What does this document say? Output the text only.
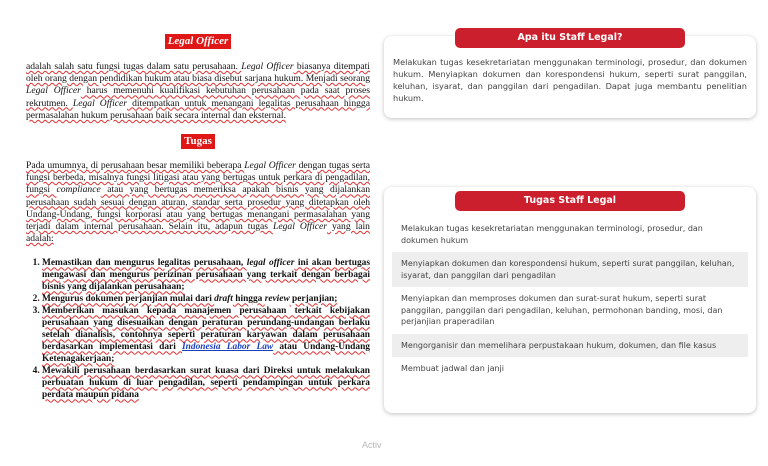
Legal Officer

adalah salah satu fungsi tugas dalam satu perusahaan. Legal Officer biasanya ditempati oleh orang dengan pendidikan hukum atau biasa disebut sarjana hukum. Menjadi seorang Legal Officer harus memenuhi kualifikasi kebutuhan perusahaan pada saat proses rekrutmen. Legal Officer ditempatkan untuk menangani legalitas perusahaan hingga permasalahan hukum perusahaan baik secara internal dan eksternal.

Tugas

Pada umumnya, di perusahaan besar memiliki beberapa Legal Officer dengan tugas serta fungsi berbeda, misalnya fungsi litigasi atau yang bertugas untuk perkara di pengadilan, fungsi compliance atau yang bertugas memeriksa apakah bisnis yang dijalankan perusahaan sudah sesuai dengan aturan, standar serta prosedur yang ditetapkan oleh Undang-Undang, fungsi korporasi atau yang bertugas menangani permasalahan yang terjadi dalam internal perusahaan. Selain itu, adapun tugas Legal Officer yang lain adalah:

1. Memastikan dan mengurus legalitas perusahaan, legal officer ini akan bertugas mengawasi dan mengurus perizinan perusahaan yang terkait dengan berbagai bisnis yang dijalankan perusahaan;
2. Mengurus dokumen perjanjian mulai dari draft hingga review perjanjian;
3. Memberikan masukan kepada manajemen perusahaan terkait kebijakan perusahaan yang disesuaikan dengan peraturan perundang-undangan berlaku setelah dianalisis, contohnya seperti peraturan karyawan dalam perusahaan berdasarkan implementasi dari Indonesia Labor Law atau Undang-Undang Ketenagakerjaan;
4. Mewakili perusahaan berdasarkan surat kuasa dari Direksi untuk melakukan perbuatan hukum di luar pengadilan, seperti pendampingan untuk perkara perdata maupun pidana
Activ
Apa itu Staff Legal?
Melakukan tugas kesekretariatan menggunakan terminologi, prosedur, dan dokumen hukum. Menyiapkan dokumen dan korespondensi hukum, seperti surat panggilan, keluhan, isyarat, dan panggilan dari pengadilan. Dapat juga membantu penelitian hukum.
Tugas Staff Legal
Melakukan tugas kesekretariatan menggunakan terminologi, prosedur, dan dokumen hukum
Menyiapkan dokumen dan korespondensi hukum, seperti surat panggilan, keluhan, isyarat, dan panggilan dari pengadilan
Menyiapkan dan memproses dokumen dan surat-surat hukum, seperti surat panggilan, panggilan dari pengadilan, keluhan, permohonan banding, mosi, dan perjanjian praperadilan
Mengorganisir dan memelihara perpustakaan hukum, dokumen, dan file kasus
Membuat jadwal dan janji
